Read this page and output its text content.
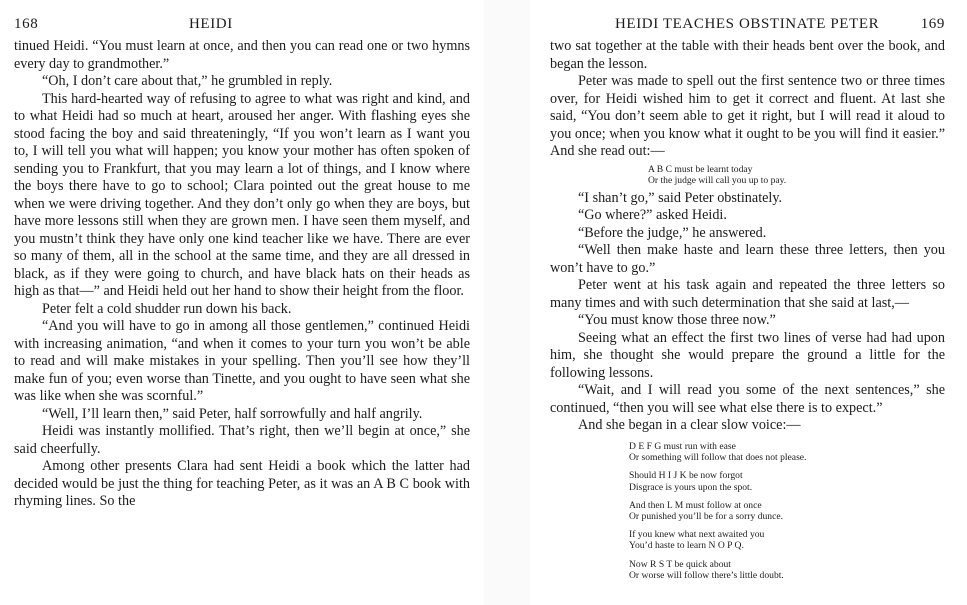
168	HEIDI

tinued Heidi. “You must learn at once, and then you can read one or two hymns every day to grandmother.”

“Oh, I don’t care about that,” he grumbled in reply.

This hard-hearted way of refusing to agree to what was right and kind, and to what Heidi had so much at heart, aroused her anger. With flashing eyes she stood facing the boy and said threateningly, “If you won’t learn as I want you to, I will tell you what will happen; you know your mother has often spoken of sending you to Frankfurt, that you may learn a lot of things, and I know where the boys there have to go to school; Clara pointed out the great house to me when we were driving together. And they don’t only go when they are boys, but have more lessons still when they are grown men. I have seen them myself, and you mustn’t think they have only one kind teacher like we have. There are ever so many of them, all in the school at the same time, and they are all dressed in black, as if they were going to church, and have black hats on their heads as high as that—” and Heidi held out her hand to show their height from the floor.

Peter felt a cold shudder run down his back.

“And you will have to go in among all those gentlemen,” continued Heidi with increasing animation, “and when it comes to your turn you won’t be able to read and will make mistakes in your spelling. Then you’ll see how they’ll make fun of you; even worse than Tinette, and you ought to have seen what she was like when she was scornful.”

“Well, I’ll learn then,” said Peter, half sorrowfully and half angrily.

Heidi was instantly mollified. That’s right, then we’ll begin at once,” she said cheerfully.

Among other presents Clara had sent Heidi a book which the latter had decided would be just the thing for teaching Peter, as it was an A B C book with rhyming lines. So the

HEIDI TEACHES OBSTINATE PETER	169

two sat together at the table with their heads bent over the book, and began the lesson.

Peter was made to spell out the first sentence two or three times over, for Heidi wished him to get it correct and fluent. At last she said, “You don’t seem able to get it right, but I will read it aloud to you once; when you know what it ought to be you will find it easier.” And she read out:—

A B C must be learnt today
Or the judge will call you up to pay.

“I shan’t go,” said Peter obstinately.

“Go where?” asked Heidi.

“Before the judge,” he answered.

“Well then make haste and learn these three letters, then you won’t have to go.”

Peter went at his task again and repeated the three letters so many times and with such determination that she said at last,—

“You must know those three now.”

Seeing what an effect the first two lines of verse had had upon him, she thought she would prepare the ground a little for the following lessons.

“Wait, and I will read you some of the next sentences,” she continued, “then you will see what else there is to expect.”

And she began in a clear slow voice:—

D E F G must run with ease
Or something will follow that does not please.
Should H I J K be now forgot
Disgrace is yours upon the spot.
And then L M must follow at once
Or punished you’ll be for a sorry dunce.
If you knew what next awaited you
You’d haste to learn N O P Q.
Now R S T be quick about
Or worse will follow there’s little doubt.
